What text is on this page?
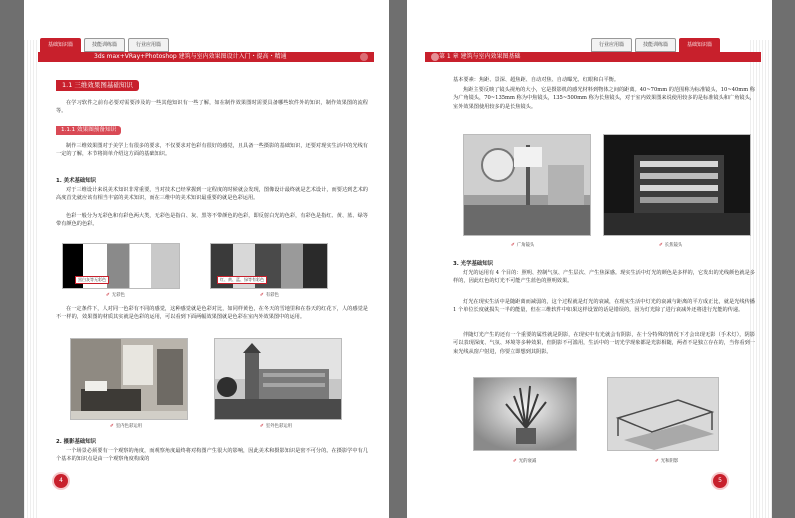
基础知识篇	技能训练篇	行业应用篇
3ds max+VRay+Photoshop 建筑与室内效果图设计入门・提高・精通
1.1 三维效果图基础知识
在学习软件之前有必要对需要涉及的一些其他知识有一些了解，如在制作效果图时需要具备哪些软件外的知识，制作效果图的流程等。
1.1.1 效果图预备知识
制作三维效果图对于美学上有很多的要求，不仅要求对色彩有很好的感觉，且具备一些摄影的基础知识，还要对现实生活中的光线有一定的了解，本节将简单介绍这方面的基础知识。
1. 美术基础知识
对于三维设计来说美术知识非常重要，当对技术已经掌握到一定程度的时候就会发现，图像设计最终就是艺术设计，而要达到艺术的高度首先就应该有相当丰富的美术知识，而在三维中的美术知识最重要的就是色彩运用。
色彩一般分为无彩色和有彩色两大类，无彩色是指白、灰、黑等不带颜色的色彩，即反射白光的色彩，有彩色是指红、黄、蓝、绿等带有颜色的色彩。
黑白灰等无彩色
✐ 无彩色
红、黄、蓝、绿等有彩色
✐ 有彩色
在一定条件下，人对同一色彩有不同的感觉，这种感觉就是色彩对比，如同样黄色，在冬天的雪地里和在春天的红花下，人的感觉是不一样的，效果图的材质其实就是色彩的运用，可以看到下面两幅效果图就是色彩在室内外效果图中的运用。
✐ 室内色彩运用	✐ 室外色彩运用
2. 摄影基础知识
一个场景必须要有一个观察的角度，而观察角度最终将对构图产生很大的影响，因此美术和摄影知识是密不可分的。在摄影学中有几个基本的知识点是由一个观察角度构成的
4
行业应用篇	技能训练篇	基础知识篇
第 1 章 建筑与室内效果图基础
基本要素：焦距、景深、超焦距、自动对焦、自动曝光、红眼和白平衡。
焦距主要反映了镜头视角的大小，它是摄影机的感光材料到物体之间的距离。40~70mm 的范围称为标准镜头，10~40mm 称为广角镜头，70~135mm 称为中焦镜头，135~500mm 称为长焦镜头，对于室内效果图来说使用较多的是标准镜头和广角镜头，室外效果图使用较多的是长焦镜头。
✐ 广角镜头	✐ 长焦镜头
3. 光学基础知识
灯光的运用有 4 个目的：照明、控制气氛、产生层次、产生焦深感。现实生活中灯光的颜色是多样的，它发出的光线颜色就是多样的，因此红色的灯光不可能产生蓝色的照明效果。
灯光在现实生活中是随距离而减弱的，这个过程就是灯光的衰减，在现实生活中灯光的衰减与距离的平方成正比，就是光线传播 1 个单位长度就损失一半的能量，但在三维软件中如果这样设置的话是错误的，因为灯光除了进行衰减外还将进行光能的传递。
伴随灯光产生的还有一个重要的属性就是阴影，在现实中有光就会有阴影，在十分特殊的情况下才会出现无影（手术灯），阴影可以表现深度、气氛、环境等多种效果，但阴影不可滥用，生活中的一切光学现象都是光影相随，两者不是独立存在的，当你看到一束光线从窗户射进，你要立即想到其阴影。
✐ 光的衰减	✐ 光和阴影
5
